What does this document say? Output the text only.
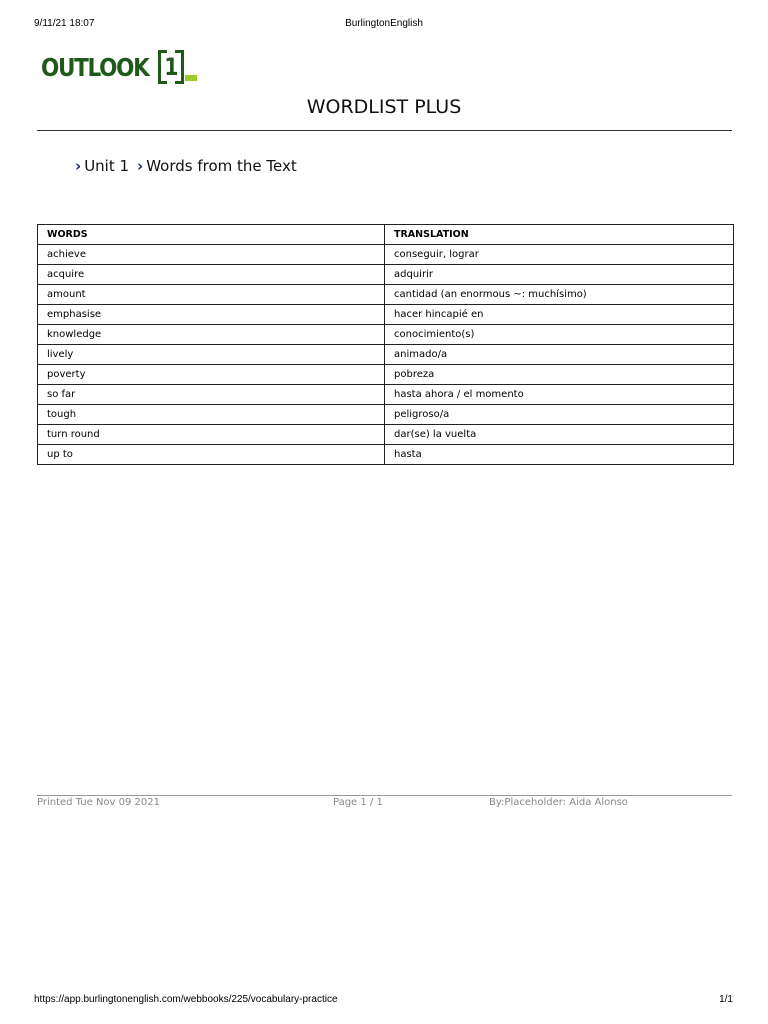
9/11/21 18:07	BurlingtonEnglish
OUTLOOK 1
WORDLIST PLUS
› Unit 1 › Words from the Text
WORDS	TRANSLATION
achieve	conseguir, lograr
acquire	adquirir
amount	cantidad (an enormous ~: muchísimo)
emphasise	hacer hincapié en
knowledge	conocimiento(s)
lively	animado/a
poverty	pobreza
so far	hasta ahora / el momento
tough	peligroso/a
turn round	dar(se) la vuelta
up to	hasta
Printed Tue Nov 09 2021	Page 1 / 1	By:Placeholder: Aida Alonso
https://app.burlingtonenglish.com/webbooks/225/vocabulary-practice	1/1
